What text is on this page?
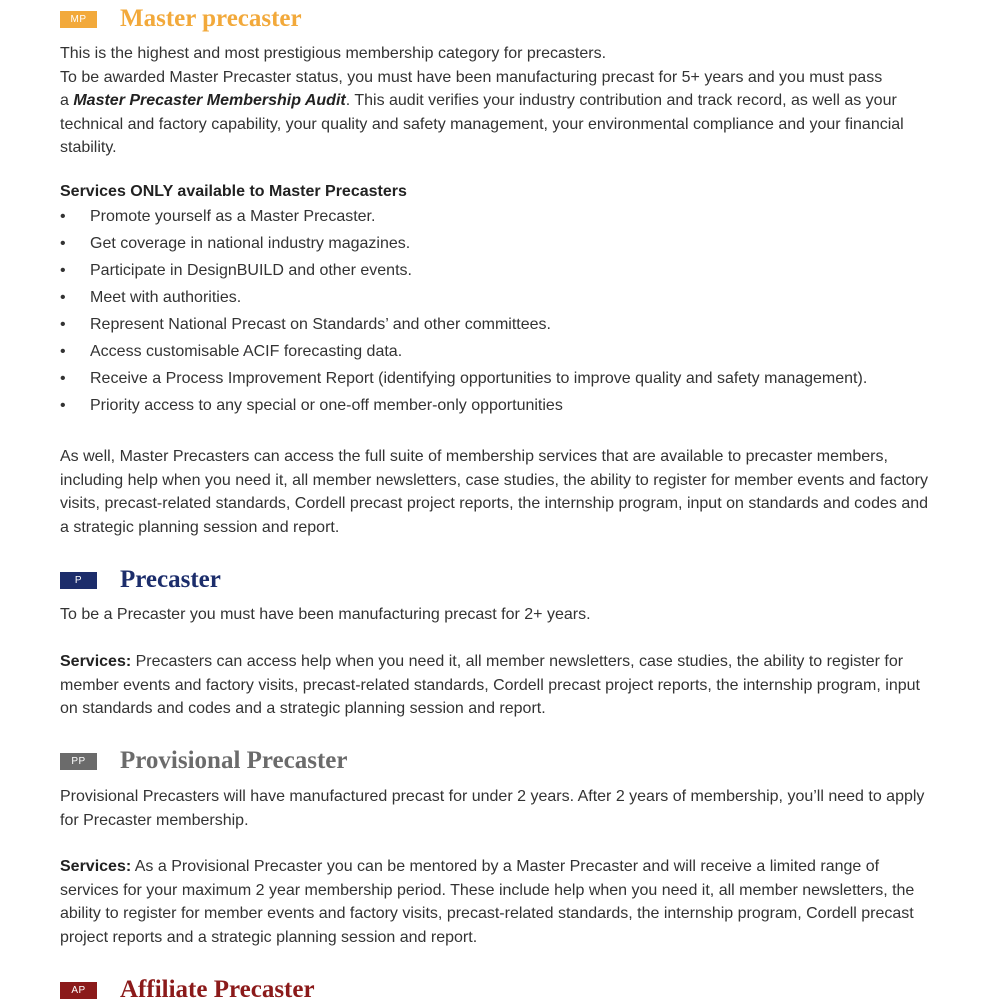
MP	Master precaster

This is the highest and most prestigious membership category for precasters.

To be awarded Master Precaster status, you must have been manufacturing precast for 5+ years and you must pass

a Master Precaster Membership Audit. This audit verifies your industry contribution and track record, as well as your technical and factory capability, your quality and safety management, your environmental compliance and your financial stability.

Services ONLY available to Master Precasters
• Promote yourself as a Master Precaster.
• Get coverage in national industry magazines.
• Participate in DesignBUILD and other events.
• Meet with authorities.
• Represent National Precast on Standards’ and other committees.
• Access customisable ACIF forecasting data.
• Receive a Process Improvement Report (identifying opportunities to improve quality and safety management).
• Priority access to any special or one-off member-only opportunities

As well, Master Precasters can access the full suite of membership services that are available to precaster members, including help when you need it, all member newsletters, case studies, the ability to register for member events and factory visits, precast-related standards, Cordell precast project reports, the internship program, input on standards and codes and a strategic planning session and report.

P	Precaster

To be a Precaster you must have been manufacturing precast for 2+ years.

Services: Precasters can access help when you need it, all member newsletters, case studies, the ability to register for member events and factory visits, precast-related standards, Cordell precast project reports, the internship program, input on standards and codes and a strategic planning session and report.

PP	Provisional Precaster

Provisional Precasters will have manufactured precast for under 2 years. After 2 years of membership, you’ll need to apply for Precaster membership.

Services: As a Provisional Precaster you can be mentored by a Master Precaster and will receive a limited range of services for your maximum 2 year membership period. These include help when you need it, all member newsletters, the ability to register for member events and factory visits, precast-related standards, the internship program, Cordell precast project reports and a strategic planning session and report.

AP	Affiliate Precaster
